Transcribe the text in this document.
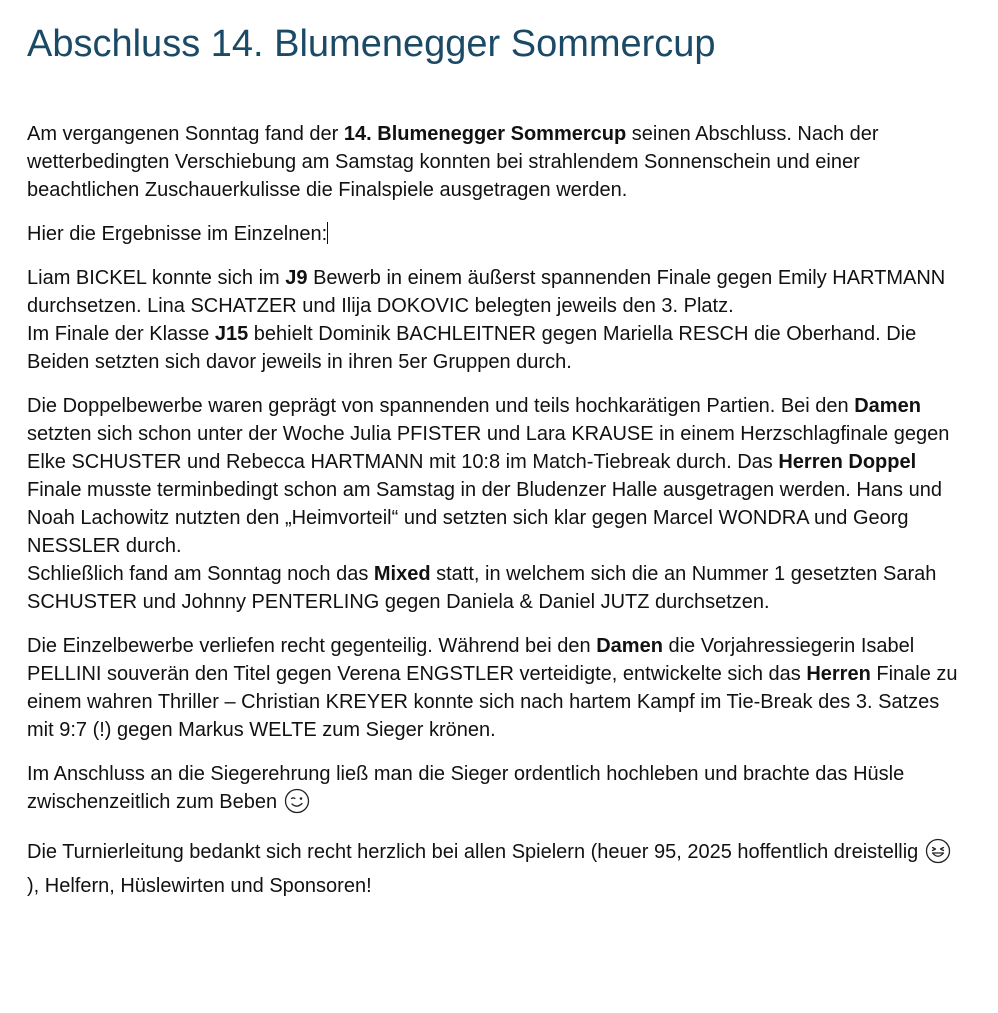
Abschluss 14. Blumenegger Sommercup

Am vergangenen Sonntag fand der 14. Blumenegger Sommercup seinen Abschluss. Nach der wetterbedingten Verschiebung am Samstag konnten bei strahlendem Sonnenschein und einer beachtlichen Zuschauerkulisse die Finalspiele ausgetragen werden.

Hier die Ergebnisse im Einzelnen:

Liam BICKEL konnte sich im J9 Bewerb in einem äußerst spannenden Finale gegen Emily HARTMANN durchsetzen. Lina SCHATZER und Ilija DOKOVIC belegten jeweils den 3. Platz.
Im Finale der Klasse J15 behielt Dominik BACHLEITNER gegen Mariella RESCH die Oberhand. Die Beiden setzten sich davor jeweils in ihren 5er Gruppen durch.

Die Doppelbewerbe waren geprägt von spannenden und teils hochkarätigen Partien. Bei den Damen setzten sich schon unter der Woche Julia PFISTER und Lara KRAUSE in einem Herzschlagfinale gegen Elke SCHUSTER und Rebecca HARTMANN mit 10:8 im Match-Tiebreak durch. Das Herren Doppel Finale musste terminbedingt schon am Samstag in der Bludenzer Halle ausgetragen werden. Hans und Noah Lachowitz nutzten den „Heimvorteil“ und setzten sich klar gegen Marcel WONDRA und Georg NESSLER durch.
Schließlich fand am Sonntag noch das Mixed statt, in welchem sich die an Nummer 1 gesetzten Sarah SCHUSTER und Johnny PENTERLING gegen Daniela & Daniel JUTZ durchsetzen.

Die Einzelbewerbe verliefen recht gegenteilig. Während bei den Damen die Vorjahressiegerin Isabel PELLINI souverän den Titel gegen Verena ENGSTLER verteidigte, entwickelte sich das Herren Finale zu einem wahren Thriller – Christian KREYER konnte sich nach hartem Kampf im Tie-Break des 3. Satzes mit 9:7 (!) gegen Markus WELTE zum Sieger krönen.

Im Anschluss an die Siegerehrung ließ man die Sieger ordentlich hochleben und brachte das Hüsle zwischenzeitlich zum Beben

Die Turnierleitung bedankt sich recht herzlich bei allen Spielern (heuer 95, 2025 hoffentlich dreistellig ), Helfern, Hüslewirten und Sponsoren!
